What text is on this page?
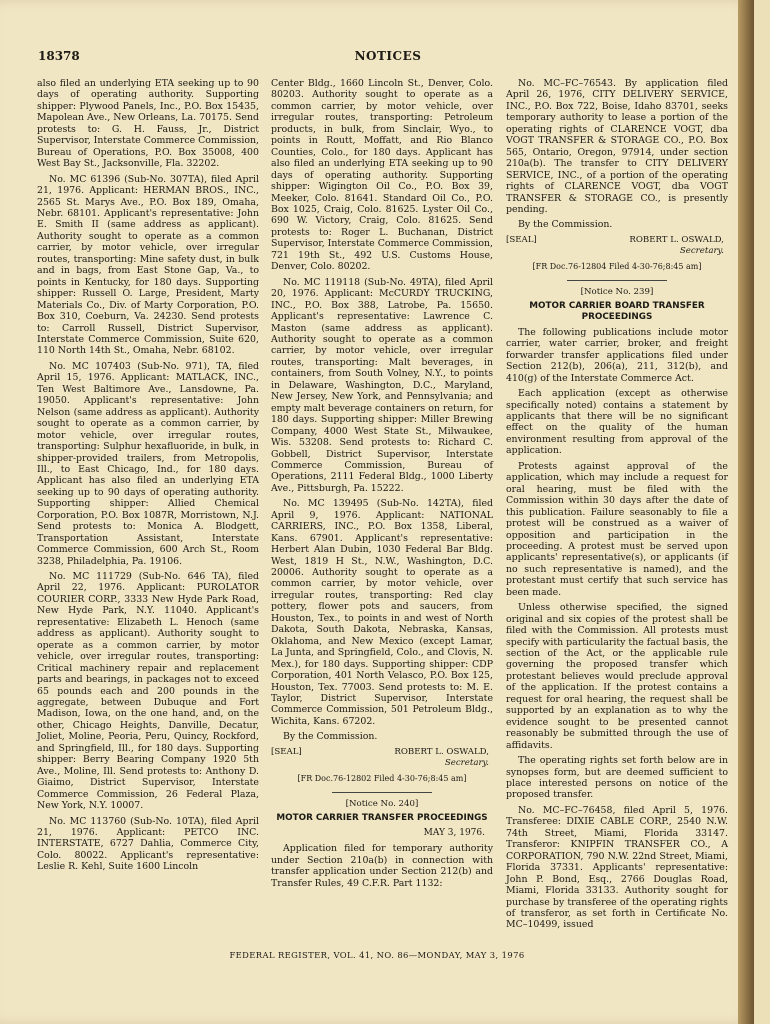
18378	NOTICES

also filed an underlying ETA seeking up to 90 days of operating authority. Supporting shipper: Plywood Panels, Inc., P.O. Box 15435, Mapolean Ave., New Orleans, La. 70175. Send protests to: G. H. Fauss, Jr., District Supervisor, Interstate Commerce Commission, Bureau of Operations, P.O. Box 35008, 400 West Bay St., Jacksonville, Fla. 32202.

No. MC 61396 (Sub-No. 307TA), filed April 21, 1976. Applicant: HERMAN BROS., INC., 2565 St. Marys Ave., P.O. Box 189, Omaha, Nebr. 68101. Applicant's representative: John E. Smith II (same address as applicant). Authority sought to operate as a common carrier, by motor vehicle, over irregular routes, transporting: Mine safety dust, in bulk and in bags, from East Stone Gap, Va., to points in Kentucky, for 180 days. Supporting shipper: Russell O. Large, President, Marty Materials Co., Div. of Marty Corporation, P.O. Box 310, Coeburn, Va. 24230. Send protests to: Carroll Russell, District Supervisor, Interstate Commerce Commission, Suite 620, 110 North 14th St., Omaha, Nebr. 68102.

No. MC 107403 (Sub-No. 971), TA, filed April 15, 1976. Applicant: MATLACK, INC., Ten West Baltimore Ave., Lansdowne, Pa. 19050. Applicant's representative: John Nelson (same address as applicant). Authority sought to operate as a common carrier, by motor vehicle, over irregular routes, transporting: Sulphur hexafluoride, in bulk, in shipper-provided trailers, from Metropolis, Ill., to East Chicago, Ind., for 180 days. Applicant has also filed an underlying ETA seeking up to 90 days of operating authority. Supporting shipper: Allied Chemical Corporation, P.O. Box 1087R, Morristown, N.J. Send protests to: Monica A. Blodgett, Transportation Assistant, Interstate Commerce Commission, 600 Arch St., Room 3238, Philadelphia, Pa. 19106.

No. MC 111729 (Sub-No. 646 TA), filed April 22, 1976. Applicant: PUROLATOR COURIER CORP., 3333 New Hyde Park Road, New Hyde Park, N.Y. 11040. Applicant's representative: Elizabeth L. Henoch (same address as applicant). Authority sought to operate as a common carrier, by motor vehicle, over irregular routes, transporting: Critical machinery repair and replacement parts and bearings, in packages not to exceed 65 pounds each and 200 pounds in the aggregate, between Dubuque and Fort Madison, Iowa, on the one hand, and, on the other, Chicago Heights, Danville, Decatur, Joliet, Moline, Peoria, Peru, Quincy, Rockford, and Springfield, Ill., for 180 days. Supporting shipper: Berry Bearing Company 1920 5th Ave., Moline, Ill. Send protests to: Anthony D. Giaimo, District Supervisor, Interstate Commerce Commission, 26 Federal Plaza, New York, N.Y. 10007.

No. MC 113760 (Sub-No. 10TA), filed April 21, 1976. Applicant: PETCO INC. INTERSTATE, 6727 Dahlia, Commerce City, Colo. 80022. Applicant's representative: Leslie R. Kehl, Suite 1600 Lincoln

Center Bldg., 1660 Lincoln St., Denver, Colo. 80203. Authority sought to operate as a common carrier, by motor vehicle, over irregular routes, transporting: Petroleum products, in bulk, from Sinclair, Wyo., to points in Routt, Moffatt, and Rio Blanco Counties, Colo., for 180 days. Applicant has also filed an underlying ETA seeking up to 90 days of operating authority. Supporting shipper: Wigington Oil Co., P.O. Box 39, Meeker, Colo. 81641. Standard Oil Co., P.O. Box 1025, Craig, Colo. 81625. Lyster Oil Co., 690 W. Victory, Craig, Colo. 81625. Send protests to: Roger L. Buchanan, District Supervisor, Interstate Commerce Commission, 721 19th St., 492 U.S. Customs House, Denver, Colo. 80202.

No. MC 119118 (Sub-No. 49TA), filed April 20, 1976. Applicant: McCURDY TRUCKING, INC., P.O. Box 388, Latrobe, Pa. 15650. Applicant's representative: Lawrence C. Maston (same address as applicant). Authority sought to operate as a common carrier, by motor vehicle, over irregular routes, transporting: Malt beverages, in containers, from South Volney, N.Y., to points in Delaware, Washington, D.C., Maryland, New Jersey, New York, and Pennsylvania; and empty malt beverage containers on return, for 180 days. Supporting shipper: Miller Brewing Company, 4000 West State St., Milwaukee, Wis. 53208. Send protests to: Richard C. Gobbell, District Supervisor, Interstate Commerce Commission, Bureau of Operations, 2111 Federal Bldg., 1000 Liberty Ave., Pittsburgh, Pa. 15222.

No. MC 139495 (Sub-No. 142TA), filed April 9, 1976. Applicant: NATIONAL CARRIERS, INC., P.O. Box 1358, Liberal, Kans. 67901. Applicant's representative: Herbert Alan Dubin, 1030 Federal Bar Bldg. West, 1819 H St., N.W., Washington, D.C. 20006. Authority sought to operate as a common carrier, by motor vehicle, over irregular routes, transporting: Red clay pottery, flower pots and saucers, from Houston, Tex., to points in and west of North Dakota, South Dakota, Nebraska, Kansas, Oklahoma, and New Mexico (except Lamar, La Junta, and Springfield, Colo., and Clovis, N. Mex.), for 180 days. Supporting shipper: CDP Corporation, 401 North Velasco, P.O. Box 125, Houston, Tex. 77003. Send protests to: M. E. Taylor, District Supervisor, Interstate Commerce Commission, 501 Petroleum Bldg., Wichita, Kans. 67202.

By the Commission.

[SEAL]	ROBERT L. OSWALD,
Secretary.
[FR Doc.76-12802 Filed 4-30-76;8:45 am]
[Notice No. 240]
MOTOR CARRIER TRANSFER PROCEEDINGS
MAY 3, 1976.

Application filed for temporary authority under Section 210a(b) in connection with transfer application under Section 212(b) and Transfer Rules, 49 C.F.R. Part 1132:

No. MC–FC–76543. By application filed April 26, 1976, CITY DELIVERY SERVICE, INC., P.O. Box 722, Boise, Idaho 83701, seeks temporary authority to lease a portion of the operating rights of CLARENCE VOGT, dba VOGT TRANSFER & STORAGE CO., P.O. Box 565, Ontario, Oregon, 97914, under section 210a(b). The transfer to CITY DELIVERY SERVICE, INC., of a portion of the operating rights of CLARENCE VOGT, dba VOGT TRANSFER & STORAGE CO., is presently pending.

By the Commission.

[SEAL]	ROBERT L. OSWALD,
Secretary.
[FR Doc.76-12804 Filed 4-30-76;8:45 am]
[Notice No. 239]
MOTOR CARRIER BOARD TRANSFER PROCEEDINGS

The following publications include motor carrier, water carrier, broker, and freight forwarder transfer applications filed under Section 212(b), 206(a), 211, 312(b), and 410(g) of the Interstate Commerce Act.

Each application (except as otherwise specifically noted) contains a statement by applicants that there will be no significant effect on the quality of the human environment resulting from approval of the application.

Protests against approval of the application, which may include a request for oral hearing, must be filed with the Commission within 30 days after the date of this publication. Failure seasonably to file a protest will be construed as a waiver of opposition and participation in the proceeding. A protest must be served upon applicants' representative(s), or applicants (if no such representative is named), and the protestant must certify that such service has been made.

Unless otherwise specified, the signed original and six copies of the protest shall be filed with the Commission. All protests must specify with particularity the factual basis, the section of the Act, or the applicable rule governing the proposed transfer which protestant believes would preclude approval of the application. If the protest contains a request for oral hearing, the request shall be supported by an explanation as to why the evidence sought to be presented cannot reasonably be submitted through the use of affidavits.

The operating rights set forth below are in synopses form, but are deemed sufficient to place interested persons on notice of the proposed transfer.

No. MC–FC–76458, filed April 5, 1976. Transferee: DIXIE CABLE CORP., 2540 N.W. 74th Street, Miami, Florida 33147. Transferor: KNIPFIN TRANSFER CO., A CORPORATION, 790 N.W. 22nd Street, Miami, Florida 37331. Applicants' representative: John P. Bond, Esq., 2766 Douglas Road, Miami, Florida 33133. Authority sought for purchase by transferee of the operating rights of transferor, as set forth in Certificate No. MC–10499, issued

FEDERAL REGISTER, VOL. 41, NO. 86—MONDAY, MAY 3, 1976
